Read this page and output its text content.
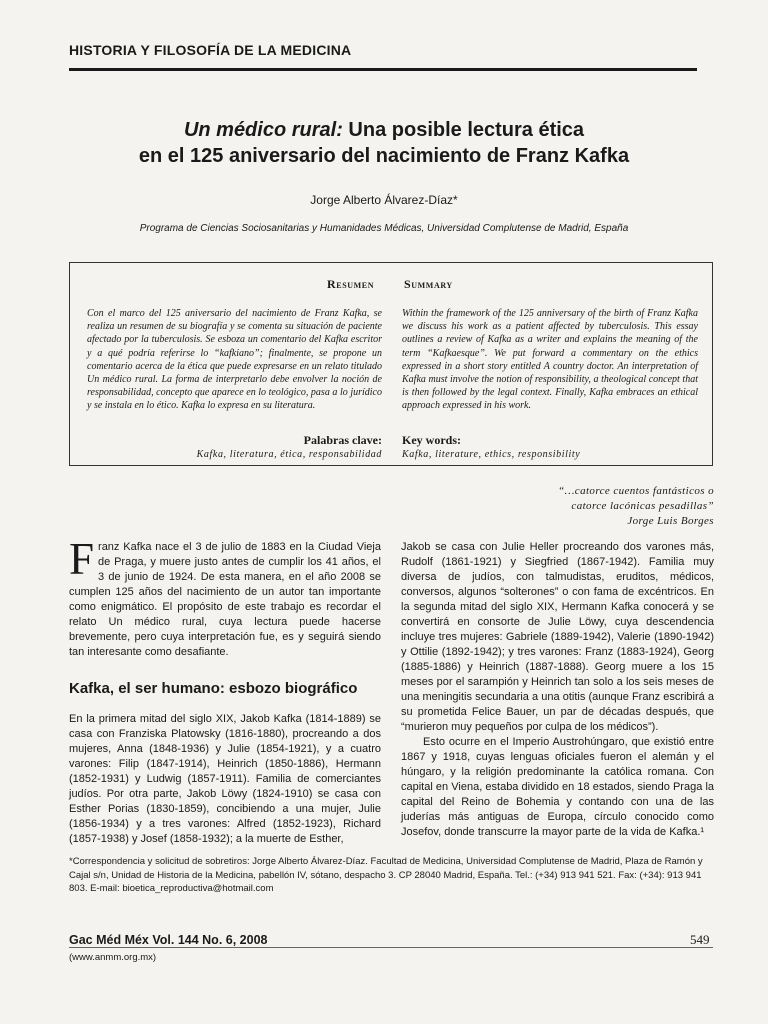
HISTORIA Y FILOSOFÍA DE LA MEDICINA
Un médico rural: Una posible lectura ética
en el 125 aniversario del nacimiento de Franz Kafka
Jorge Alberto Álvarez-Díaz*
Programa de Ciencias Sociosanitarias y Humanidades Médicas, Universidad Complutense de Madrid, España
Resumen Summary
Con el marco del 125 aniversario del nacimiento de Franz Kafka, se realiza un resumen de su biografía y se comenta su situación de paciente afectado por la tuberculosis. Se esboza un comentario del Kafka escritor y a qué podría referirse lo “kafkiano”; finalmente, se propone un comentario acerca de la ética que puede expresarse en un relato titulado Un médico rural. La forma de interpretarlo debe envolver la noción de responsabilidad, concepto que aparece en lo teológico, pasa a lo jurídico y se instala en lo ético. Kafka lo expresa en su literatura.
Within the framework of the 125 anniversary of the birth of Franz Kafka we discuss his work as a patient affected by tuberculosis. This essay outlines a review of Kafka as a writer and explains the meaning of the term “Kafkaesque”. We put forward a commentary on the ethics expressed in a short story entitled A country doctor. An interpretation of Kafka must involve the notion of responsibility, a theological concept that is then followed by the legal context. Finally, Kafka embraces an ethical approach expressed in his work.
Palabras clave:
Kafka, literatura, ética, responsabilidad
Key words:
Kafka, literature, ethics, responsibility
“…catorce cuentos fantásticos o
catorce lacónicas pesadillas”
Jorge Luis Borges
Franz Kafka nace el 3 de julio de 1883 en la Ciudad Vieja de Praga, y muere justo antes de cumplir los 41 años, el 3 de junio de 1924. De esta manera, en el año 2008 se cumplen 125 años del nacimiento de un autor tan importante como enigmático. El propósito de este trabajo es recordar el relato Un médico rural, cuya lectura puede hacerse brevemente, pero cuya interpretación fue, es y seguirá siendo tan interesante como desafiante.
Kafka, el ser humano: esbozo biográfico
En la primera mitad del siglo XIX, Jakob Kafka (1814-1889) se casa con Franziska Platowsky (1816-1880), procreando a dos mujeres, Anna (1848-1936) y Julie (1854-1921), y a cuatro varones: Filip (1847-1914), Heinrich (1850-1886), Hermann (1852-1931) y Ludwig (1857-1911). Familia de comerciantes judíos. Por otra parte, Jakob Löwy (1824-1910) se casa con Esther Porias (1830-1859), concibiendo a una mujer, Julie (1856-1934) y a tres varones: Alfred (1852-1923), Richard (1857-1938) y Josef (1858-1932); a la muerte de Esther,
Jakob se casa con Julie Heller procreando dos varones más, Rudolf (1861-1921) y Siegfried (1867-1942). Familia muy diversa de judíos, con talmudistas, eruditos, médicos, conversos, algunos “solterones” o con fama de excéntricos. En la segunda mitad del siglo XIX, Hermann Kafka conocerá y se convertirá en consorte de Julie Löwy, cuya descendencia incluye tres mujeres: Gabriele (1889-1942), Valerie (1890-1942) y Ottilie (1892-1942); y tres varones: Franz (1883-1924), Georg (1885-1886) y Heinrich (1887-1888). Georg muere a los 15 meses por el sarampión y Heinrich tan solo a los seis meses de una meningitis secundaria a una otitis (aunque Franz escribirá a su prometida Felice Bauer, un par de décadas después, que “murieron muy pequeños por culpa de los médicos”).
Esto ocurre en el Imperio Austrohúngaro, que existió entre 1867 y 1918, cuyas lenguas oficiales fueron el alemán y el húngaro, y la religión predominante la católica romana. Con capital en Viena, estaba dividido en 18 estados, siendo Praga la capital del Reino de Bohemia y contando con una de las juderías más antiguas de Europa, círculo conocido como Josefov, donde transcurre la mayor parte de la vida de Kafka.¹
*Correspondencia y solicitud de sobretiros: Jorge Alberto Álvarez-Díaz. Facultad de Medicina, Universidad Complutense de Madrid, Plaza de Ramón y Cajal s/n, Unidad de Historia de la Medicina, pabellón IV, sótano, despacho 3. CP 28040 Madrid, España. Tel.: (+34) 913 941 521. Fax: (+34): 913 941 803. E-mail: bioetica_reproductiva@hotmail.com
Gac Méd Méx Vol. 144 No. 6, 2008	549
(www.anmm.org.mx)
